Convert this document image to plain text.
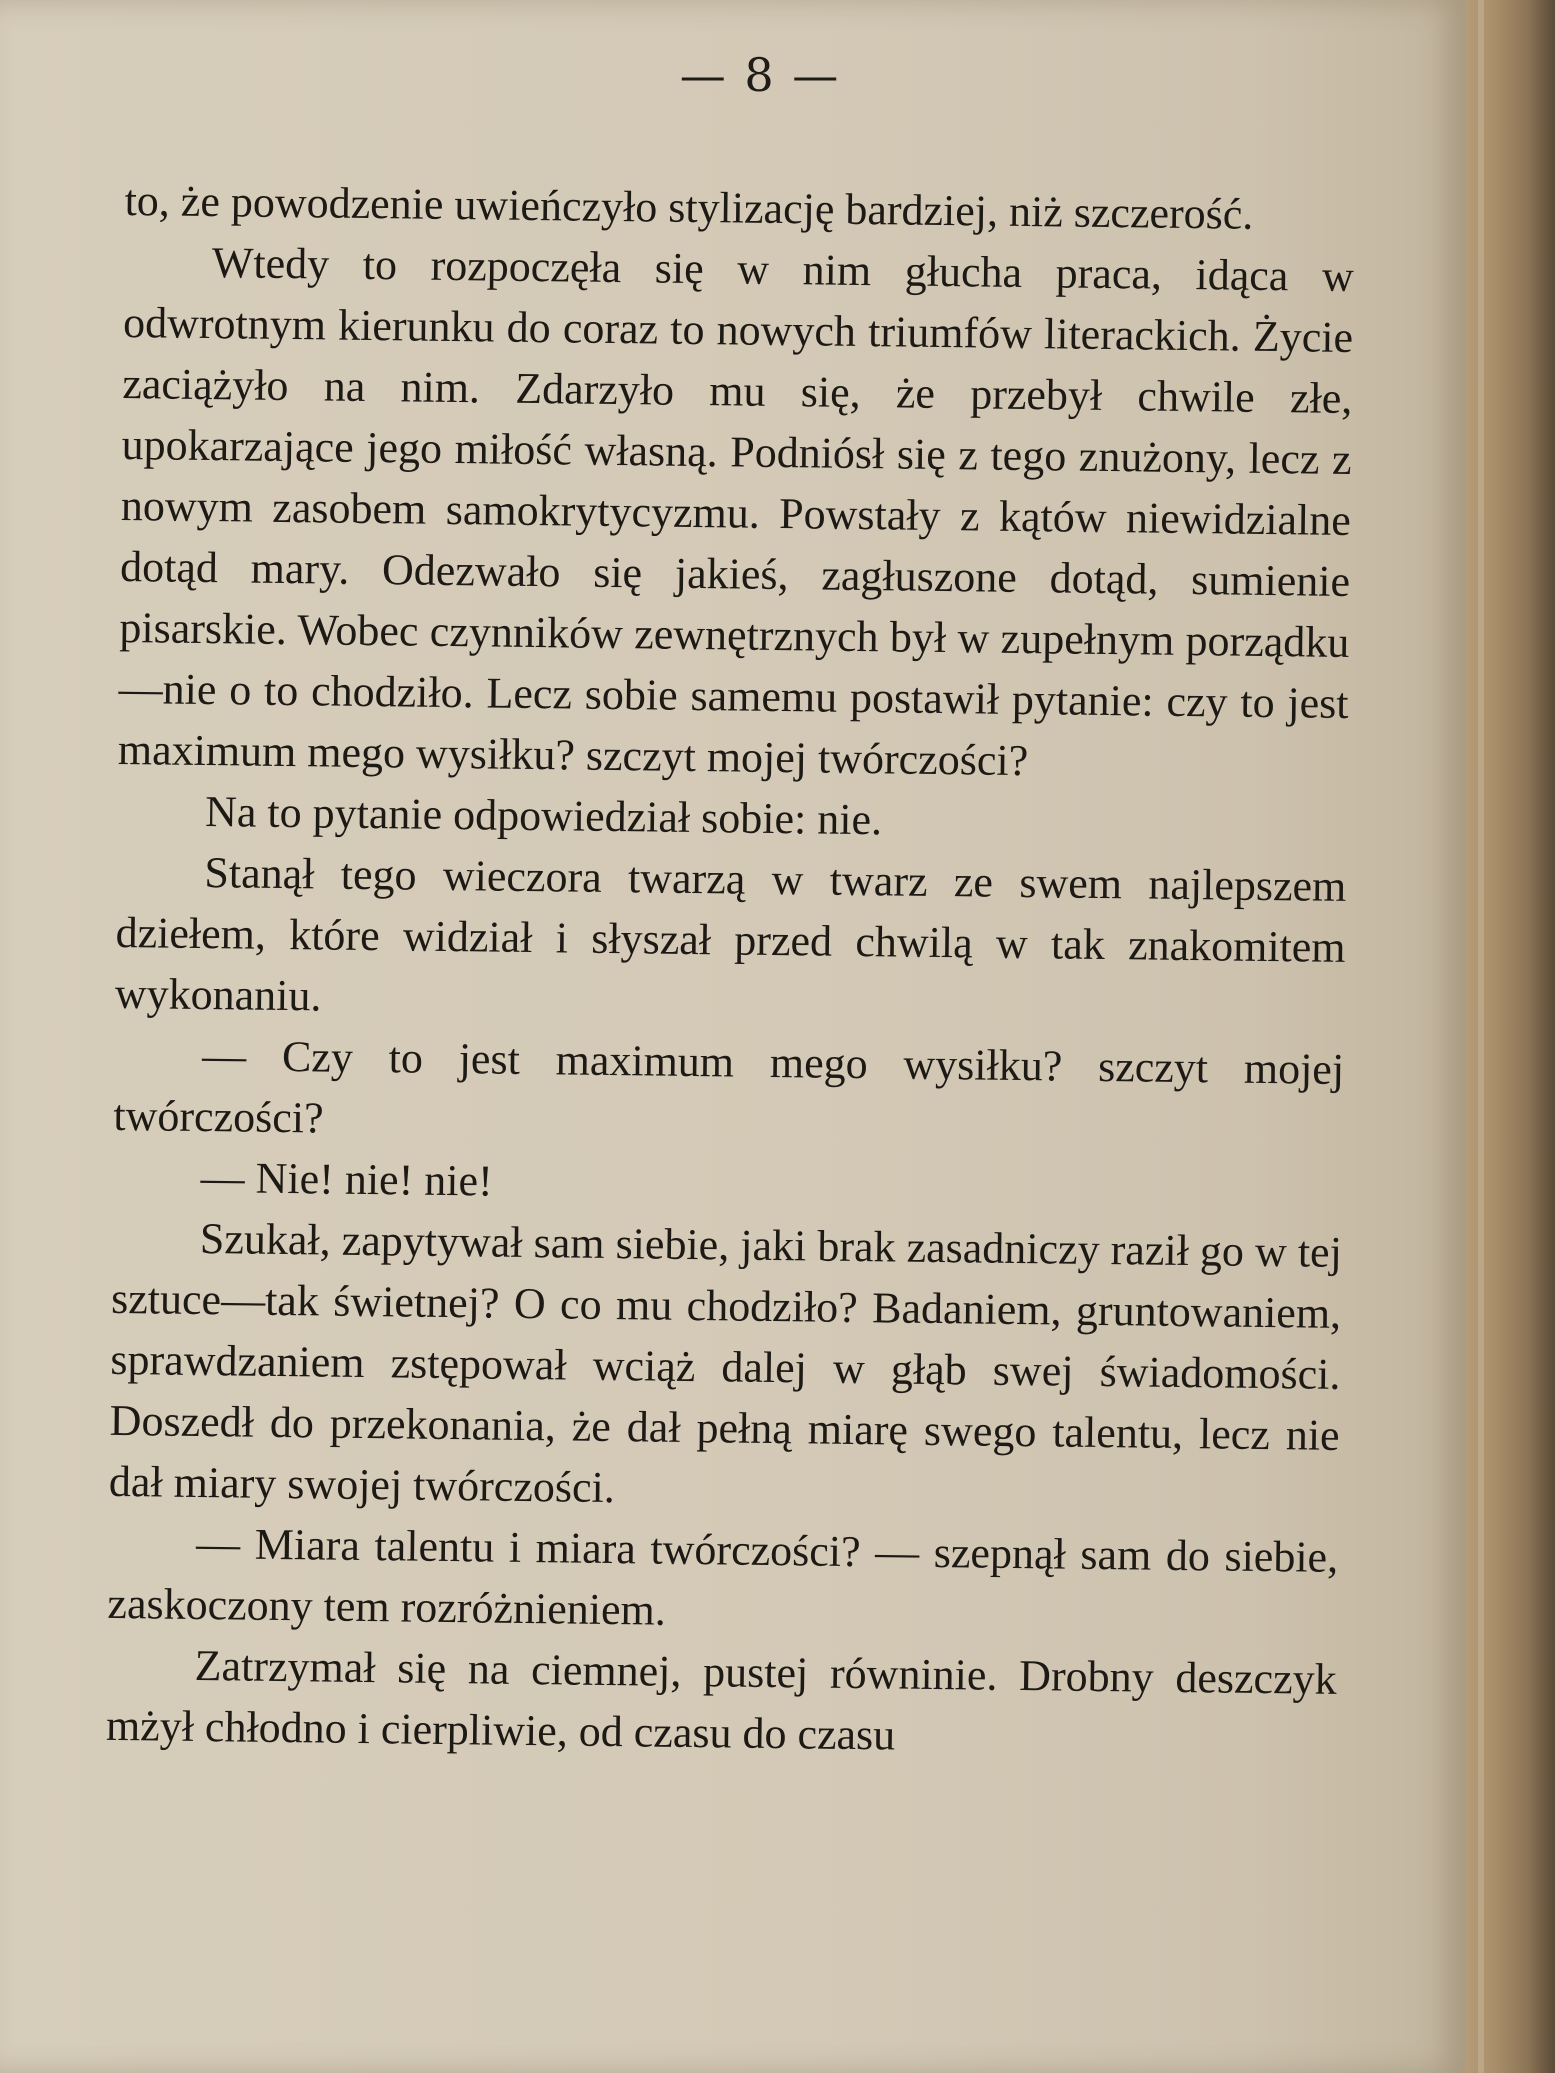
— 8 —

to, że powodzenie uwieńczyło stylizację bardziej, niż szczerość.

Wtedy to rozpoczęła się w nim głucha praca, idąca w odwrotnym kierunku do coraz to nowych triumfów literackich. Życie zaciążyło na nim. Zdarzyło mu się, że przebył chwile złe, upokarzające jego miłość własną. Podniósł się z tego znużony, lecz z nowym zasobem samokrytycyzmu. Powstały z kątów niewidzialne dotąd mary. Odezwało się jakieś, zagłuszone dotąd, sumienie pisarskie. Wobec czynników zewnętrznych był w zupełnym porządku—nie o to chodziło. Lecz sobie samemu postawił pytanie: czy to jest maximum mego wysiłku? szczyt mojej twórczości?

Na to pytanie odpowiedział sobie: nie.

Stanął tego wieczora twarzą w twarz ze swem najlepszem dziełem, które widział i słyszał przed chwilą w tak znakomitem wykonaniu.

— Czy to jest maximum mego wysiłku? szczyt mojej twórczości?

— Nie! nie! nie!

Szukał, zapytywał sam siebie, jaki brak zasadniczy raził go w tej sztuce—tak świetnej? O co mu chodziło? Badaniem, gruntowaniem, sprawdzaniem zstępował wciąż dalej w głąb swej świadomości. Doszedł do przekonania, że dał pełną miarę swego talentu, lecz nie dał miary swojej twórczości.

— Miara talentu i miara twórczości? — szepnął sam do siebie, zaskoczony tem rozróżnieniem.

Zatrzymał się na ciemnej, pustej równinie. Drobny deszczyk mżył chłodno i cierpliwie, od czasu do czasu
